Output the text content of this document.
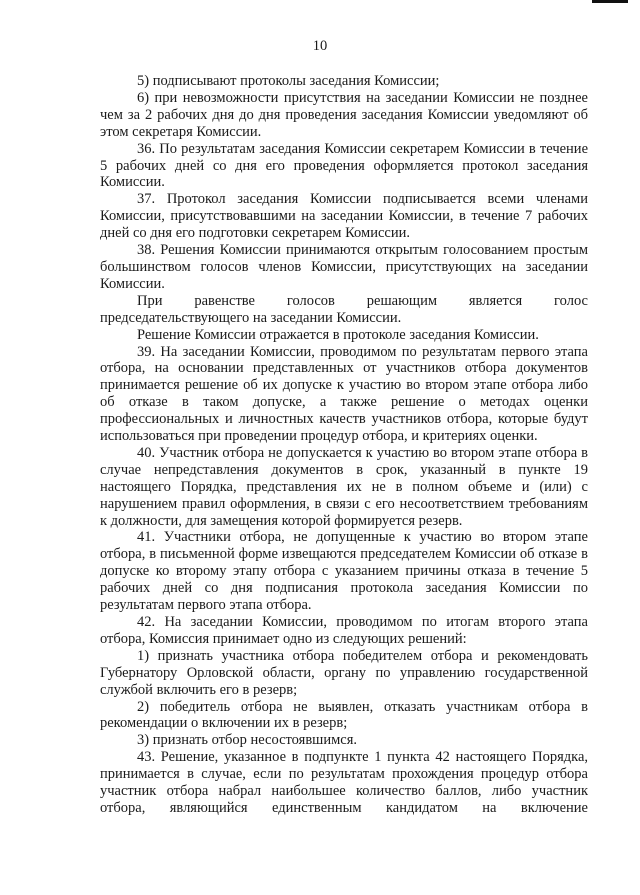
10

5) подписывают протоколы заседания Комиссии;

6) при невозможности присутствия на заседании Комиссии не позднее чем за 2 рабочих дня до дня проведения заседания Комиссии уведомляют об этом секретаря Комиссии.

36. По результатам заседания Комиссии секретарем Комиссии в течение 5 рабочих дней со дня его проведения оформляется протокол заседания Комиссии.

37. Протокол заседания Комиссии подписывается всеми членами Комиссии, присутствовавшими на заседании Комиссии, в течение 7 рабочих дней со дня его подготовки секретарем Комиссии.

38. Решения Комиссии принимаются открытым голосованием простым большинством голосов членов Комиссии, присутствующих на заседании Комиссии.

При равенстве голосов решающим является голос председательствующего на заседании Комиссии.

Решение Комиссии отражается в протоколе заседания Комиссии.

39. На заседании Комиссии, проводимом по результатам первого этапа отбора, на основании представленных от участников отбора документов принимается решение об их допуске к участию во втором этапе отбора либо об отказе в таком допуске, а также решение о методах оценки профессиональных и личностных качеств участников отбора, которые будут использоваться при проведении процедур отбора, и критериях оценки.

40. Участник отбора не допускается к участию во втором этапе отбора в случае непредставления документов в срок, указанный в пункте 19 настоящего Порядка, представления их не в полном объеме и (или) с нарушением правил оформления, в связи с его несоответствием требованиям к должности, для замещения которой формируется резерв.

41. Участники отбора, не допущенные к участию во втором этапе отбора, в письменной форме извещаются председателем Комиссии об отказе в допуске ко второму этапу отбора с указанием причины отказа в течение 5 рабочих дней со дня подписания протокола заседания Комиссии по результатам первого этапа отбора.

42. На заседании Комиссии, проводимом по итогам второго этапа отбора, Комиссия принимает одно из следующих решений:

1) признать участника отбора победителем отбора и рекомендовать Губернатору Орловской области, органу по управлению государственной службой включить его в резерв;

2) победитель отбора не выявлен, отказать участникам отбора в рекомендации о включении их в резерв;

3) признать отбор несостоявшимся.

43. Решение, указанное в подпункте 1 пункта 42 настоящего Порядка, принимается в случае, если по результатам прохождения процедур отбора участник отбора набрал наибольшее количество баллов, либо участник отбора, являющийся единственным кандидатом на включение
